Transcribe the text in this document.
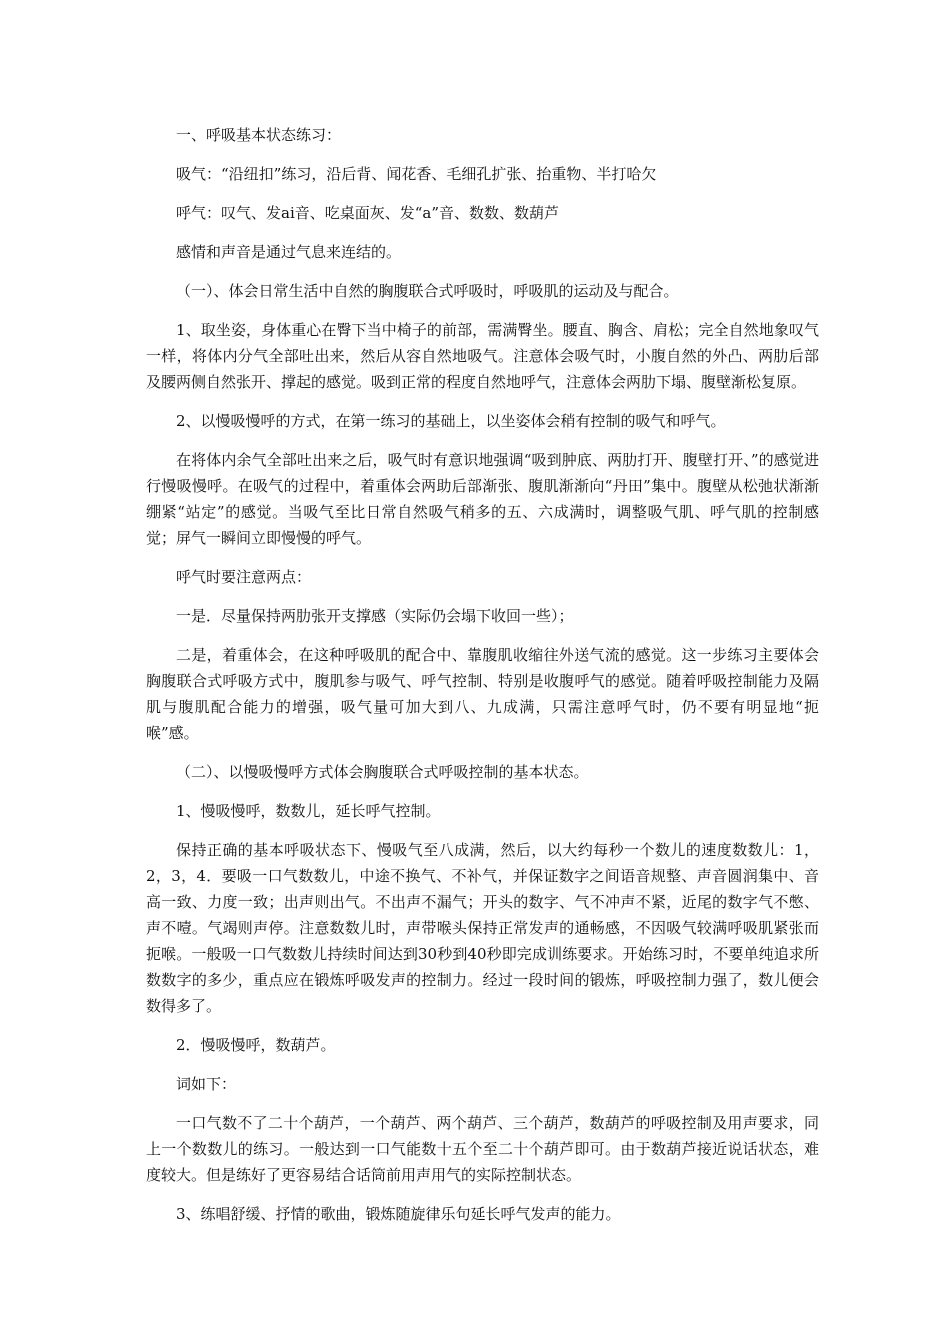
一、呼吸基本状态练习：

吸气：“沿纽扣”练习，沿后背、闻花香、毛细孔扩张、抬重物、半打哈欠

呼气：叹气、发ai音、吃桌面灰、发“a”音、数数、数葫芦

感情和声音是通过气息来连结的。

（一）、体会日常生活中自然的胸腹联合式呼吸时，呼吸肌的运动及与配合。

1、取坐姿，身体重心在臀下当中椅子的前部，需满臀坐。腰直、胸含、肩松；完全自然地象叹气一样，将体内分气全部吐出来，然后从容自然地吸气。注意体会吸气时，小腹自然的外凸、两肋后部及腰两侧自然张开、撑起的感觉。吸到正常的程度自然地呼气，注意体会两肋下塌、腹壁渐松复原。

2、以慢吸慢呼的方式，在第一练习的基础上，以坐姿体会稍有控制的吸气和呼气。

在将体内余气全部吐出来之后，吸气时有意识地强调“吸到肿底、两肋打开、腹壁打开、”的感觉进行慢吸慢呼。在吸气的过程中，着重体会两助后部渐张、腹肌渐渐向“丹田”集中。腹壁从松弛状渐渐绷紧“站定”的感觉。当吸气至比日常自然吸气稍多的五、六成满时，调整吸气肌、呼气肌的控制感觉；屏气一瞬间立即慢慢的呼气。

呼气时要注意两点：

一是．尽量保持两肋张开支撑感（实际仍会塌下收回一些）；

二是，着重体会，在这种呼吸肌的配合中、靠腹肌收缩往外送气流的感觉。这一步练习主要体会胸腹联合式呼吸方式中，腹肌参与吸气、呼气控制、特别是收腹呼气的感觉。随着呼吸控制能力及隔肌与腹肌配合能力的增强，吸气量可加大到八、九成满，只需注意呼气时，仍不要有明显地“扼喉”感。

（二）、以慢吸慢呼方式体会胸腹联合式呼吸控制的基本状态。

1、慢吸慢呼，数数儿，延长呼气控制。

保持正确的基本呼吸状态下、慢吸气至八成满，然后，以大约每秒一个数儿的速度数数儿：1，2，3，4．要吸一口气数数儿，中途不换气、不补气，并保证数字之间语音规整、声音圆润集中、音高一致、力度一致；出声则出气。不出声不漏气；开头的数字、气不冲声不紧，近尾的数字气不憋、声不噎。气竭则声停。注意数数儿时，声带喉头保持正常发声的通畅感，不因吸气较满呼吸肌紧张而扼喉。一般吸一口气数数儿持续时间达到30秒到40秒即完成训练要求。开始练习时，不要单纯追求所数数字的多少，重点应在锻炼呼吸发声的控制力。经过一段时间的锻炼，呼吸控制力强了，数儿便会数得多了。

2．慢吸慢呼，数葫芦。

词如下：

一口气数不了二十个葫芦，一个葫芦、两个葫芦、三个葫芦，数葫芦的呼吸控制及用声要求，同上一个数数儿的练习。一般达到一口气能数十五个至二十个葫芦即可。由于数葫芦接近说话状态，难度较大。但是练好了更容易结合话筒前用声用气的实际控制状态。

3、练唱舒缓、抒情的歌曲，锻炼随旋律乐句延长呼气发声的能力。
